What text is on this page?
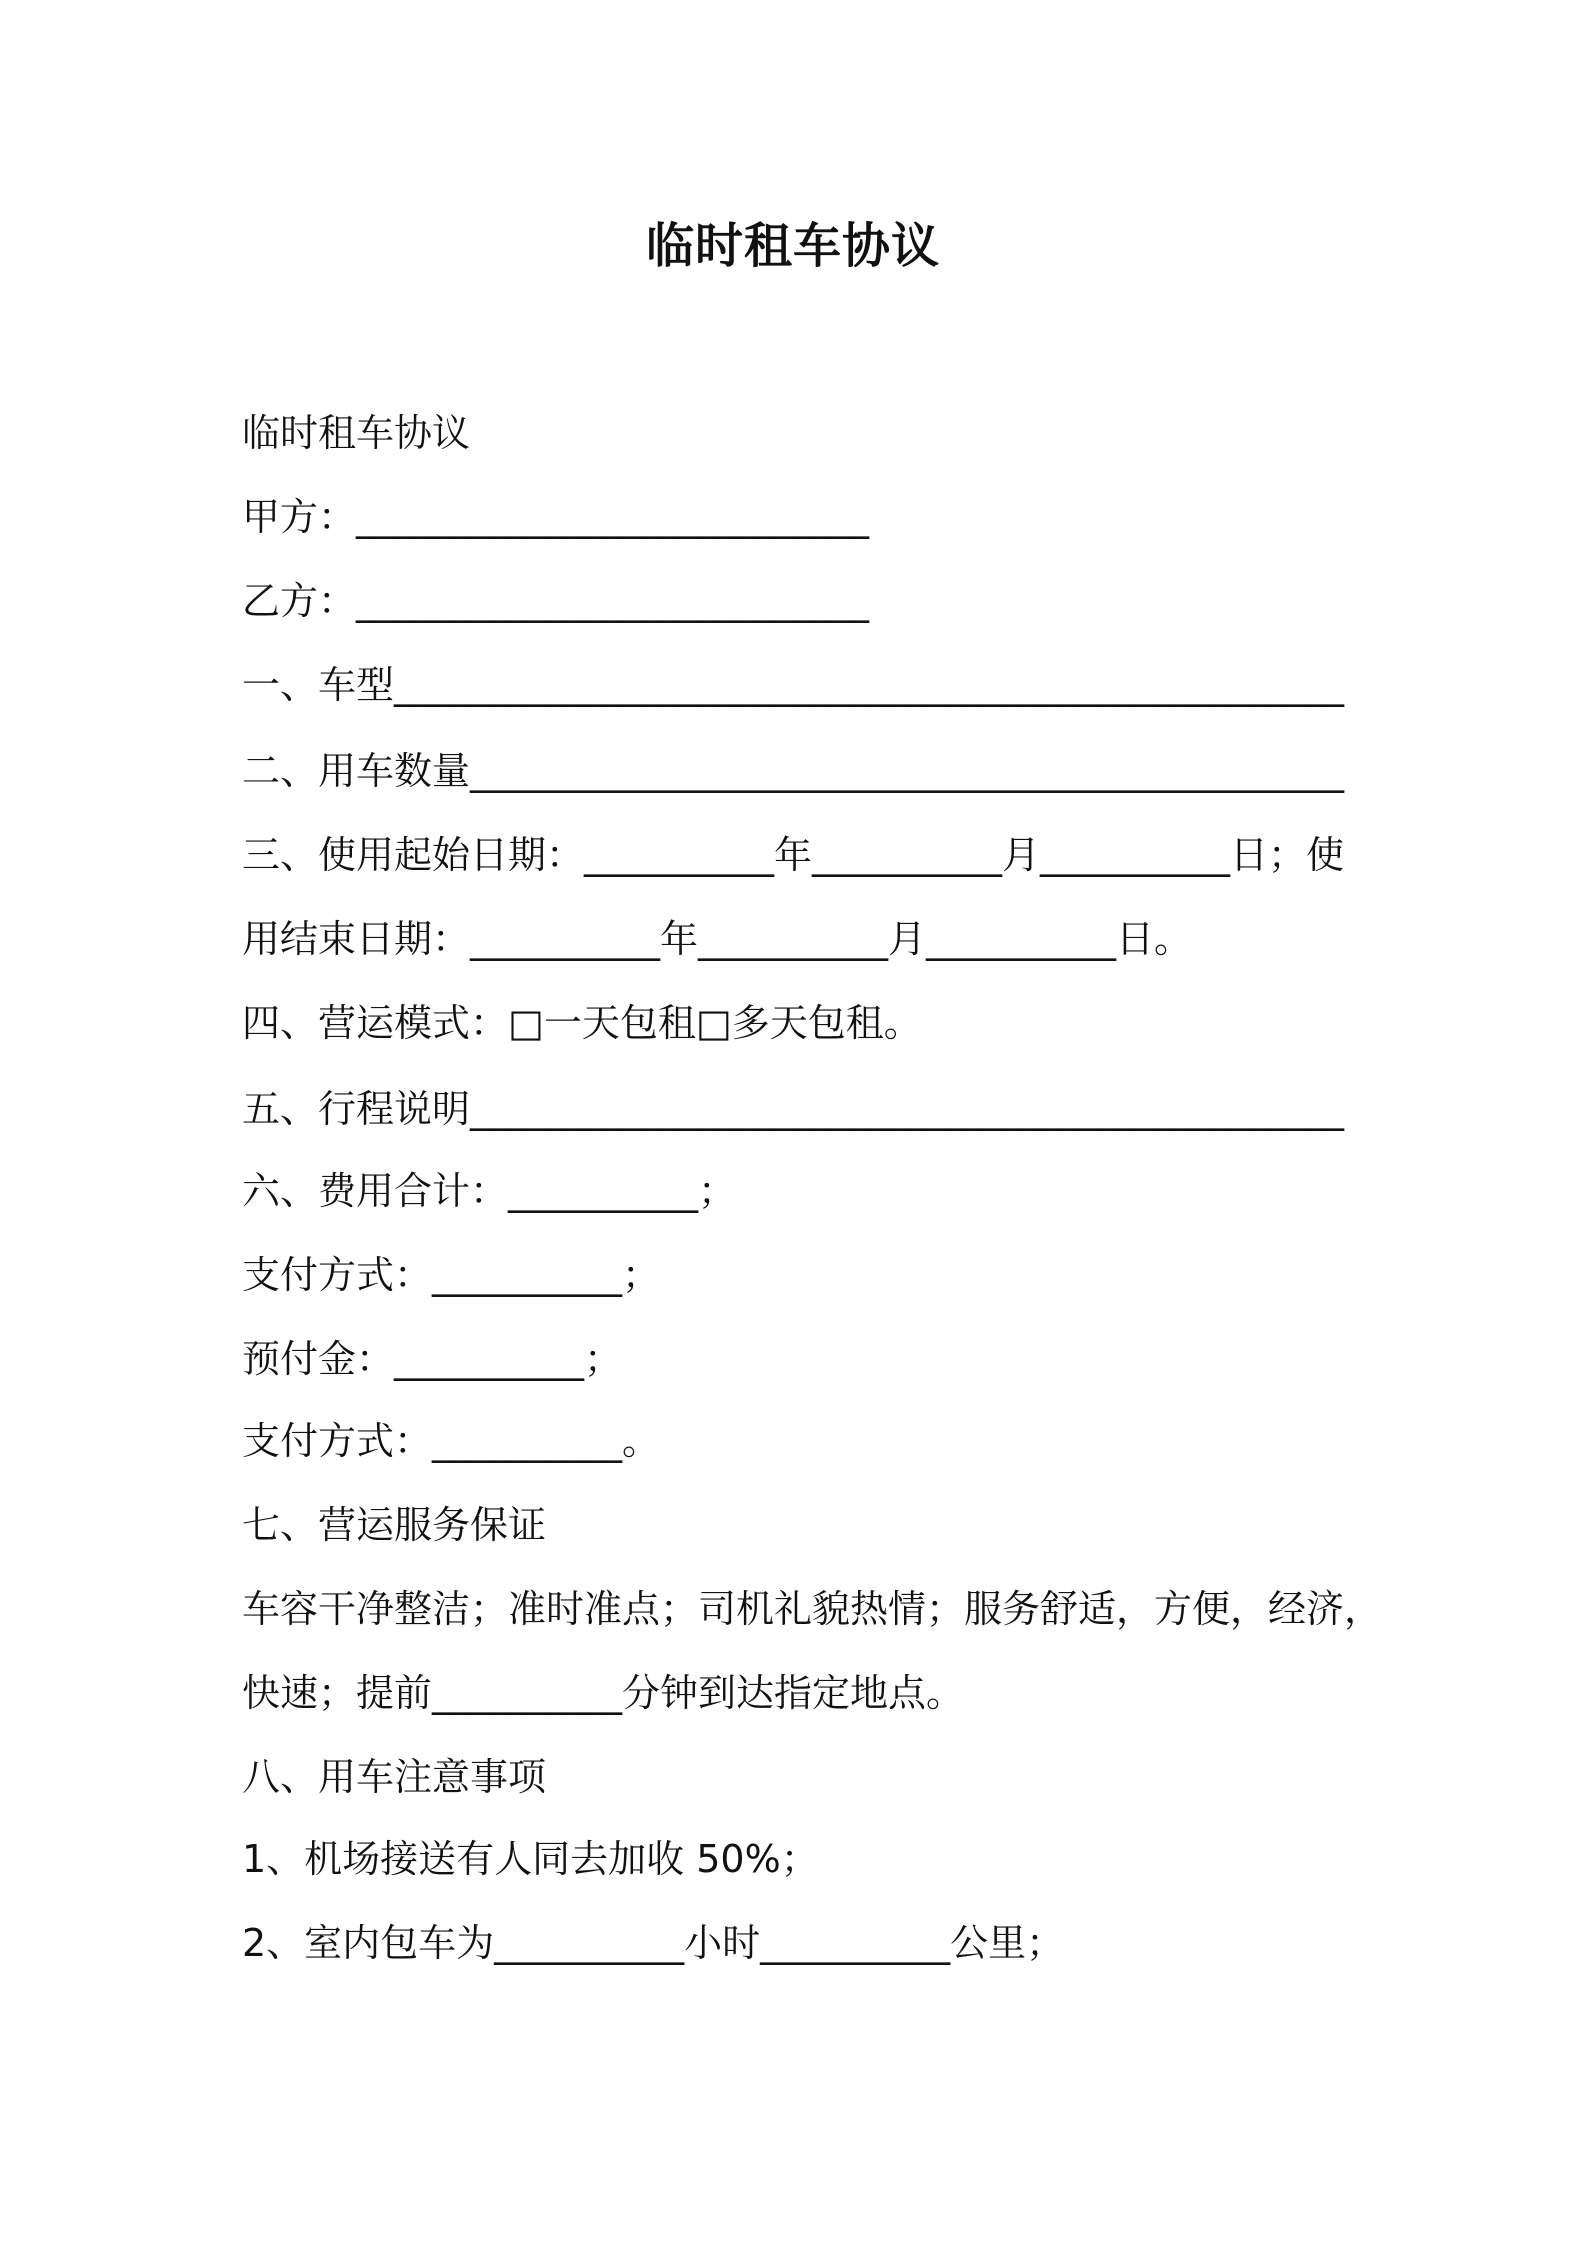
临时租车协议
临时租车协议
甲方：___________________________
乙方：___________________________
一、车型__________________________________________________
二、用车数量______________________________________________
三、使用起始日期：__________年__________月__________日；使
用结束日期：__________年__________月__________日。
四、营运模式：□一天包租□多天包租。
五、行程说明______________________________________________
六、费用合计：__________；
支付方式：__________；
预付金：__________；
支付方式：__________。
七、营运服务保证
车容干净整洁；准时准点；司机礼貌热情；服务舒适，方便，经济，
快速；提前__________分钟到达指定地点。
八、用车注意事项
1、机场接送有人同去加收 50%；
2、室内包车为__________小时__________公里；
